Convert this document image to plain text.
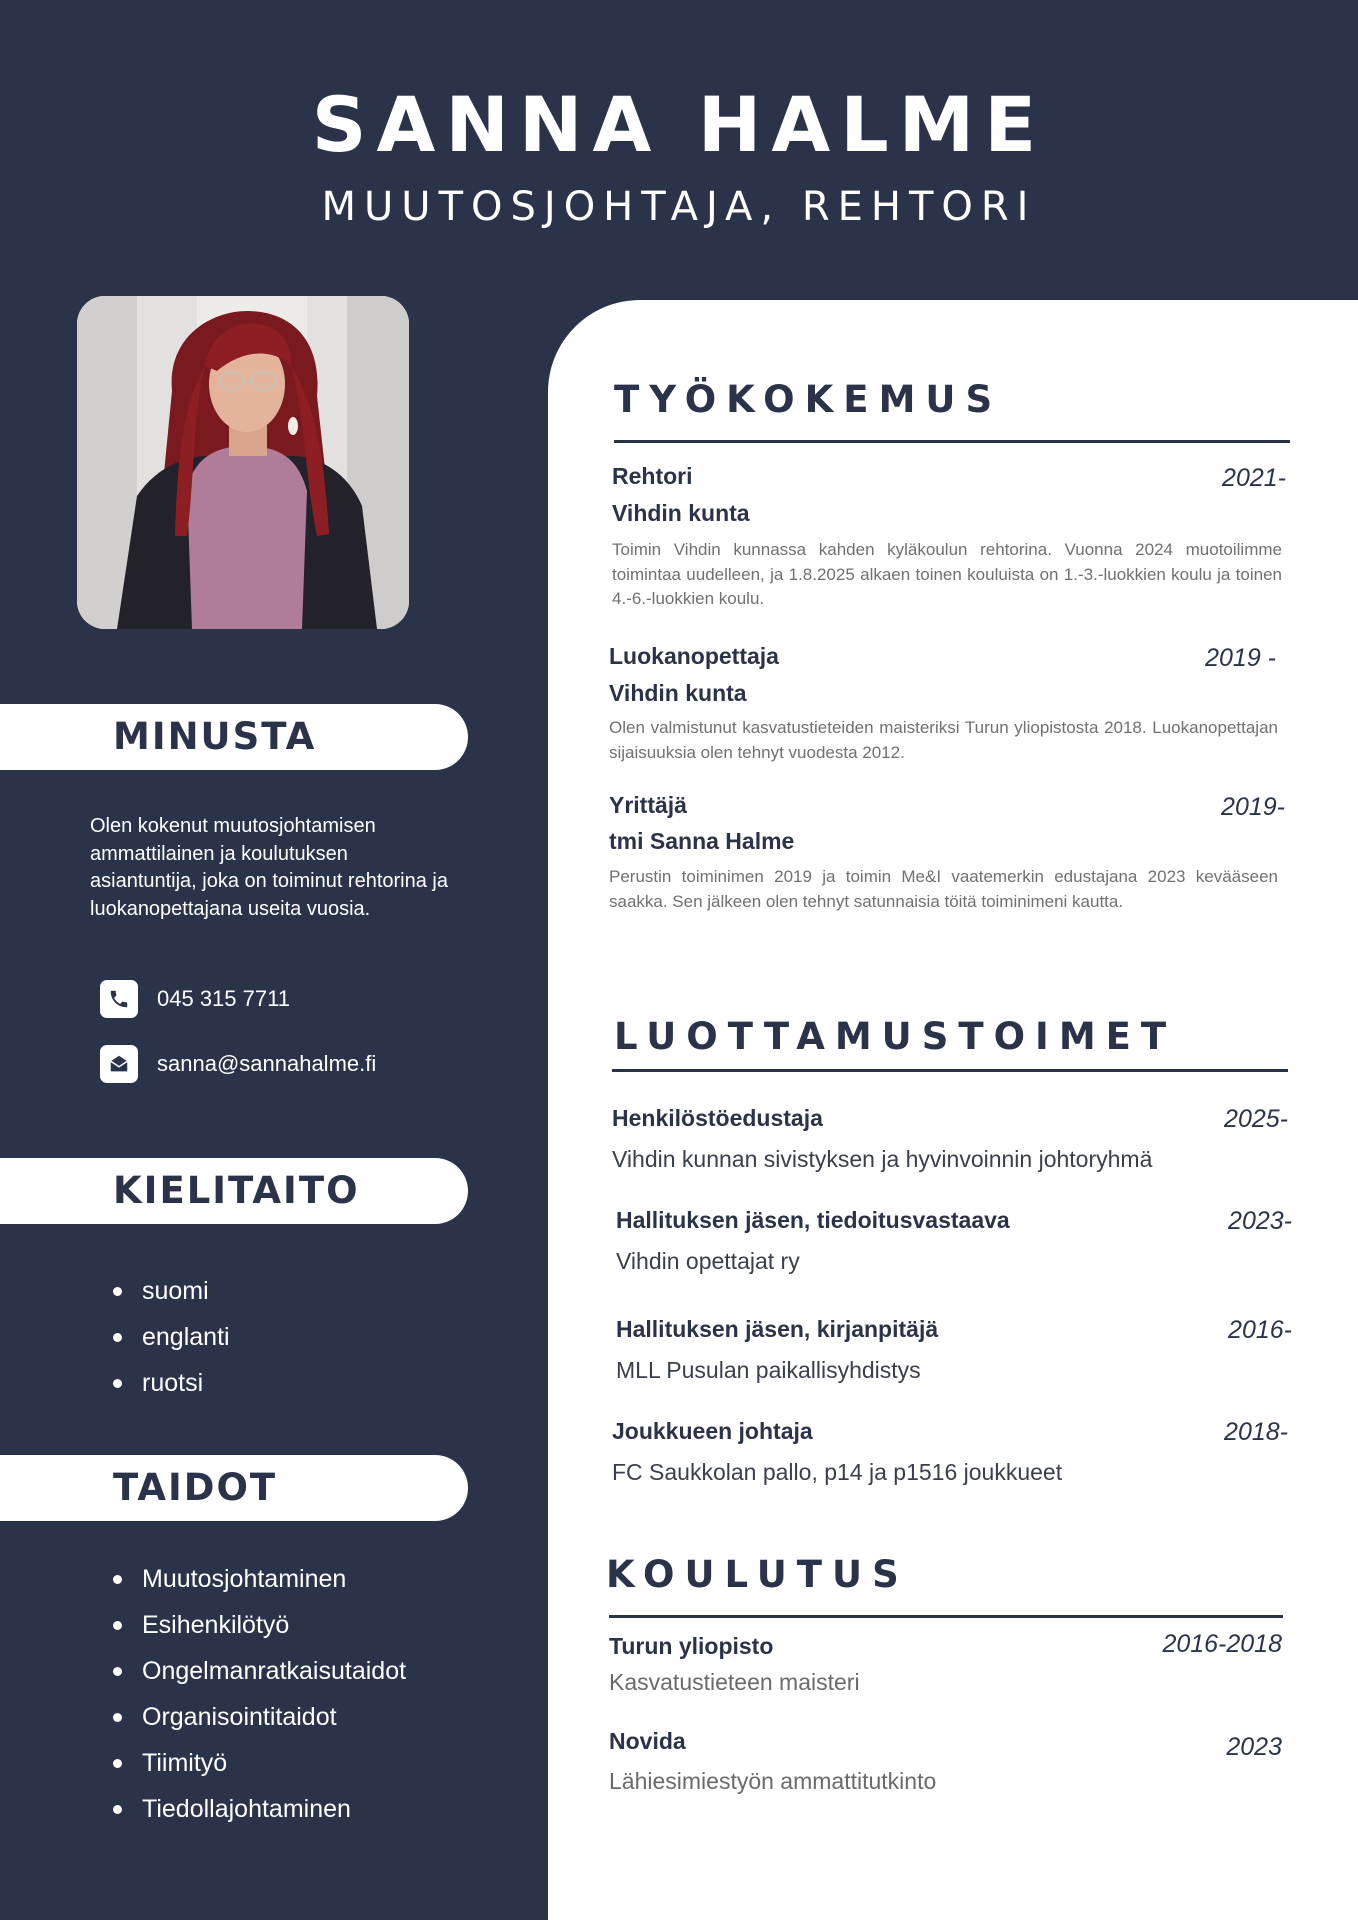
SANNA HALME
MUUTOSJOHTAJA, REHTORI
MINUSTA
Olen kokenut muutosjohtamisen ammattilainen ja koulutuksen asiantuntija, joka on toiminut rehtorina ja luokanopettajana useita vuosia.
045 315 7711
sanna@sannahalme.fi
KIELITAITO
suomi
englanti
ruotsi
TAIDOT
Muutosjohtaminen
Esihenkilötyö
Ongelmanratkaisutaidot
Organisointitaidot
Tiimityö
Tiedollajohtaminen
TYÖKOKEMUS
Rehtori	2021-
Vihdin kunta
Toimin Vihdin kunnassa kahden kyläkoulun rehtorina. Vuonna 2024 muotoilimme toimintaa uudelleen, ja 1.8.2025 alkaen toinen kouluista on 1.-3.-luokkien koulu ja toinen 4.-6.-luokkien koulu.
Luokanopettaja	2019 -
Vihdin kunta
Olen valmistunut kasvatustieteiden maisteriksi Turun yliopistosta 2018. Luokanopettajan sijaisuuksia olen tehnyt vuodesta 2012.
Yrittäjä	2019-
tmi Sanna Halme
Perustin toiminimen 2019 ja toimin Me&I vaatemerkin edustajana 2023 kevääseen saakka. Sen jälkeen olen tehnyt satunnaisia töitä toiminimeni kautta.
LUOTTAMUSTOIMET
Henkilöstöedustaja	2025-
Vihdin kunnan sivistyksen ja hyvinvoinnin johtoryhmä
Hallituksen jäsen, tiedoitusvastaava	2023-
Vihdin opettajat ry
Hallituksen jäsen, kirjanpitäjä	2016-
MLL Pusulan paikallisyhdistys
Joukkueen johtaja	2018-
FC Saukkolan pallo, p14 ja p1516 joukkueet
KOULUTUS
Turun yliopisto	2016-2018
Kasvatustieteen maisteri
Novida	2023
Lähiesimiestyön ammattitutkinto
